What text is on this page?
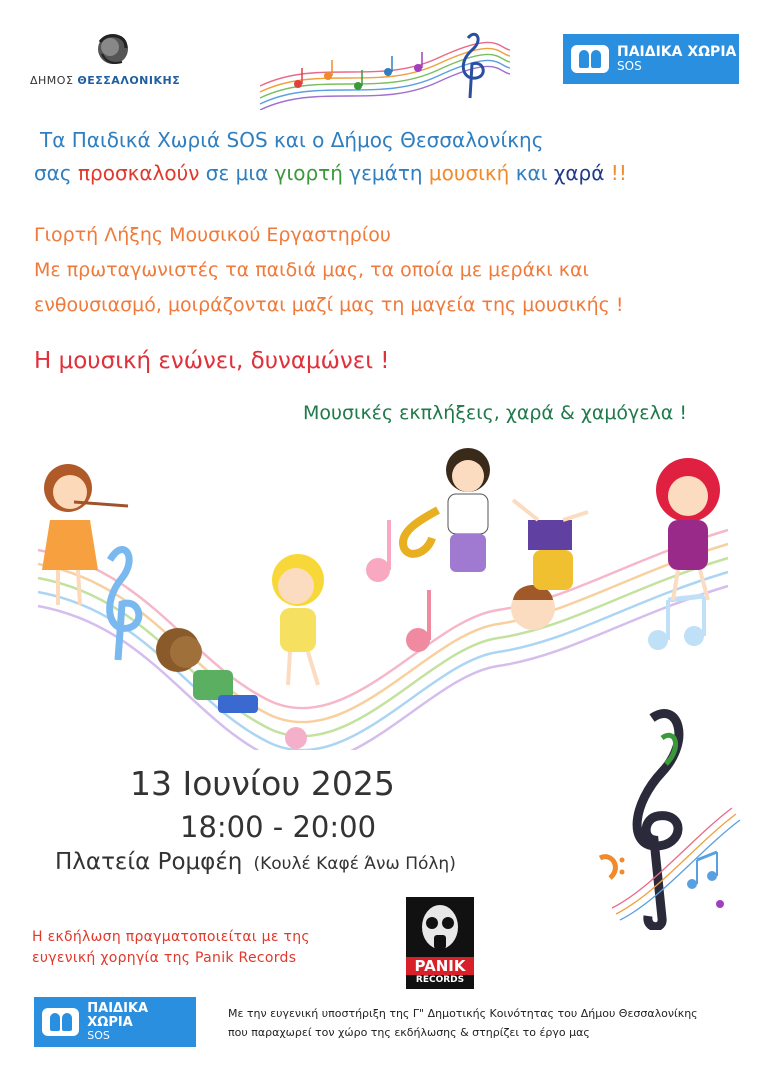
ΔΗΜΟΣ ΘΕΣΣΑΛΟΝΙΚΗΣ
ΠΑΙΔΙΚΑ ΧΩΡΙΑ
SOS
Τα Παιδικά Χωριά SOS και ο Δήμος Θεσσαλονίκης
σας προσκαλούν σε μια γιορτή γεμάτη μουσική και χαρά !!
Γιορτή Λήξης Μουσικού Εργαστηρίου
Με πρωταγωνιστές τα παιδιά μας, τα οποία με μεράκι και
ενθουσιασμό, μοιράζονται μαζί μας τη μαγεία της μουσικής !
Η μουσική ενώνει, δυναμώνει !
Μουσικές εκπλήξεις, χαρά & χαμόγελα !
13 Ιουνίου 2025
18:00 - 20:00
Πλατεία Ρομφέη (Κουλέ Καφέ Άνω Πόλη)
Η εκδήλωση πραγματοποιείται με της
ευγενική χορηγία της Panik Records	PANIK
RECORDS
ΠΑΙΔΙΚΑ ΧΩΡΙΑ
SOS
Με την ευγενική υποστήριξη της Γ" Δημοτικής Κοινότητας του Δήμου Θεσσαλονίκης
που παραχωρεί τον χώρο της εκδήλωσης & στηρίζει το έργο μας
